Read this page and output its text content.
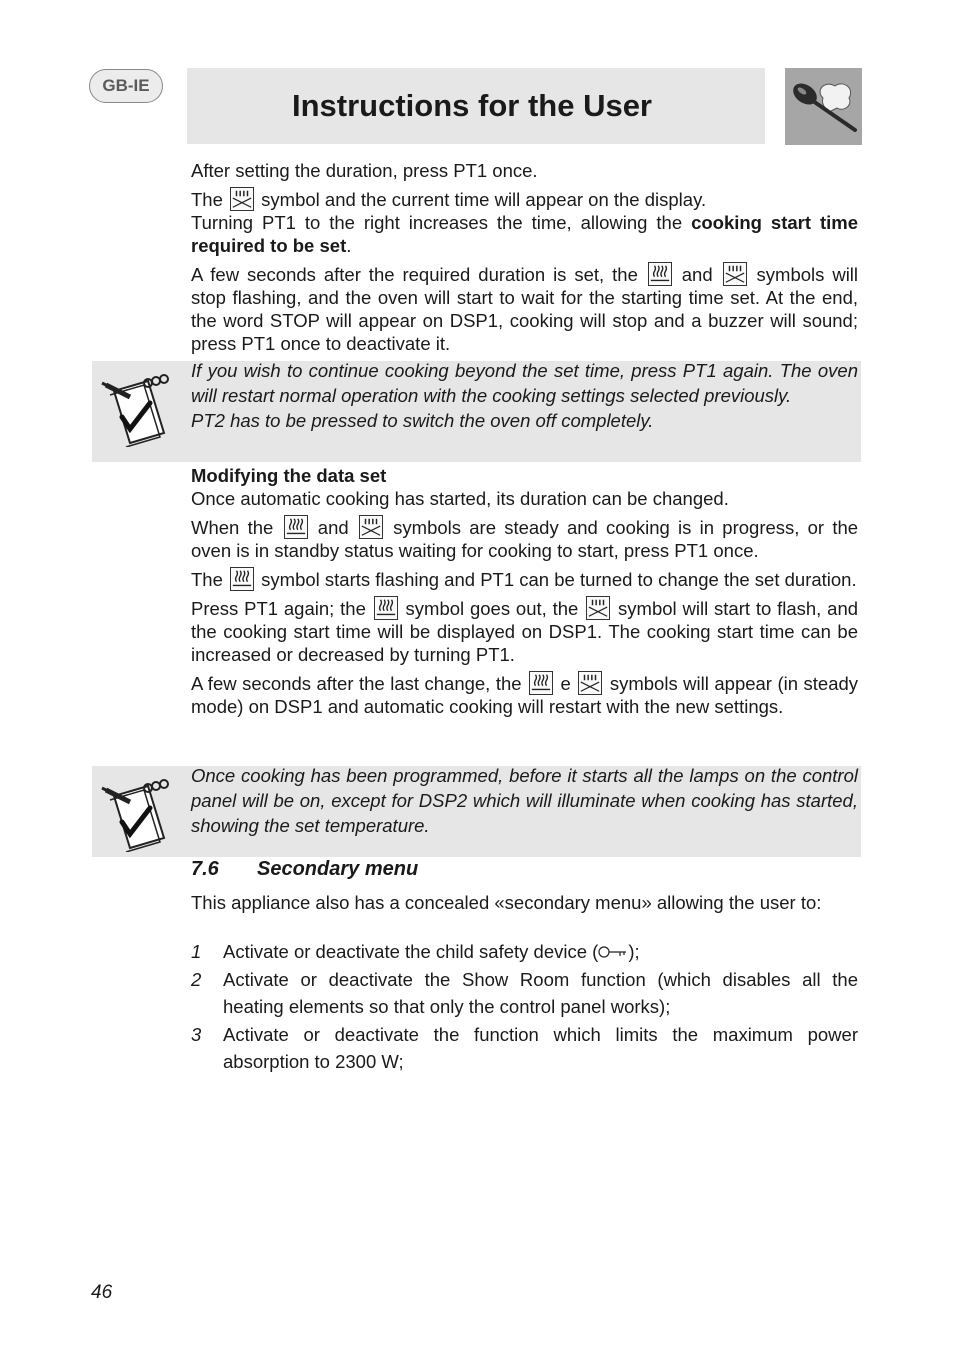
GB-IE
Instructions for the User

After setting the duration, press PT1 once.

The symbol and the current time will appear on the display.

Turning PT1 to the right increases the time, allowing the cooking start time required to be set.

A few seconds after the required duration is set, the and symbols will stop flashing, and the oven will start to wait for the starting time set. At the end, the word STOP will appear on DSP1, cooking will stop and a buzzer will sound; press PT1 once to deactivate it.

If you wish to continue cooking beyond the set time, press PT1 again. The oven will restart normal operation with the cooking settings selected previously.

PT2 has to be pressed to switch the oven off completely.

Modifying the data set

Once automatic cooking has started, its duration can be changed.

When the and symbols are steady and cooking is in progress, or the oven is in standby status waiting for cooking to start, press PT1 once.

The symbol starts flashing and PT1 can be turned to change the set duration.

Press PT1 again; the symbol goes out, the symbol will start to flash, and the cooking start time will be displayed on DSP1. The cooking start time can be increased or decreased by turning PT1.

A few seconds after the last change, the e symbols will appear (in steady mode) on DSP1 and automatic cooking will restart with the new settings.

Once cooking has been programmed, before it starts all the lamps on the control panel will be on, except for DSP2 which will illuminate when cooking has started, showing the set temperature.

7.6 Secondary menu

This appliance also has a concealed «secondary menu» allowing the user to:

1 Activate or deactivate the child safety device ( );
2 Activate or deactivate the Show Room function (which disables all the heating elements so that only the control panel works);
3 Activate or deactivate the function which limits the maximum power absorption to 2300 W;
46
